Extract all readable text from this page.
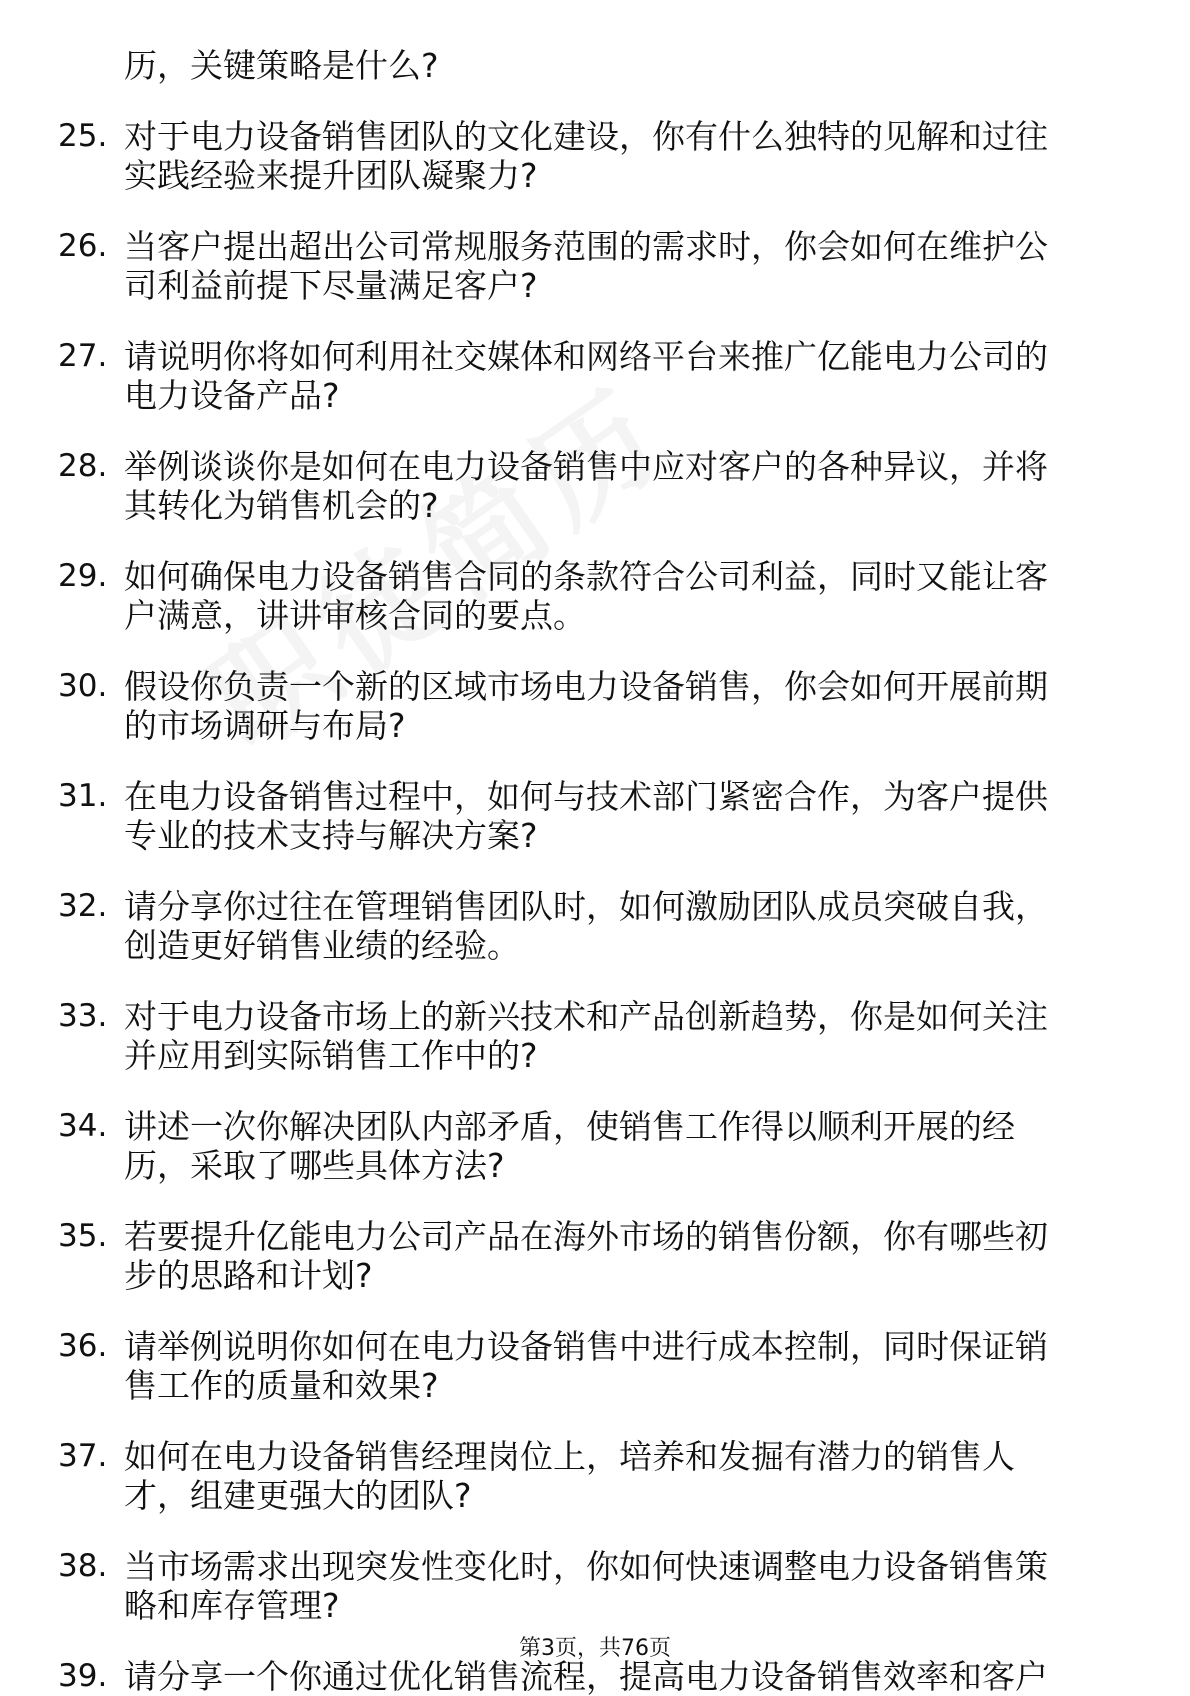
历，关键策略是什么?
25. 对于电力设备销售团队的文化建设，你有什么独特的见解和过往
实践经验来提升团队凝聚力?
26. 当客户提出超出公司常规服务范围的需求时，你会如何在维护公
司利益前提下尽量满足客户?
27. 请说明你将如何利用社交媒体和网络平台来推广亿能电力公司的
电力设备产品?
28. 举例谈谈你是如何在电力设备销售中应对客户的各种异议，并将
其转化为销售机会的?
29. 如何确保电力设备销售合同的条款符合公司利益，同时又能让客
户满意，讲讲审核合同的要点。
30. 假设你负责一个新的区域市场电力设备销售，你会如何开展前期
的市场调研与布局?
31. 在电力设备销售过程中，如何与技术部门紧密合作，为客户提供
专业的技术支持与解决方案?
32. 请分享你过往在管理销售团队时，如何激励团队成员突破自我，
创造更好销售业绩的经验。
33. 对于电力设备市场上的新兴技术和产品创新趋势，你是如何关注
并应用到实际销售工作中的?
34. 讲述一次你解决团队内部矛盾，使销售工作得以顺利开展的经
历，采取了哪些具体方法?
35. 若要提升亿能电力公司产品在海外市场的销售份额，你有哪些初
步的思路和计划?
36. 请举例说明你如何在电力设备销售中进行成本控制，同时保证销
售工作的质量和效果?
37. 如何在电力设备销售经理岗位上，培养和发掘有潜力的销售人
才，组建更强大的团队?
38. 当市场需求出现突发性变化时，你如何快速调整电力设备销售策
略和库存管理?
39. 请分享一个你通过优化销售流程，提高电力设备销售效率和客户
第3页，共76页
